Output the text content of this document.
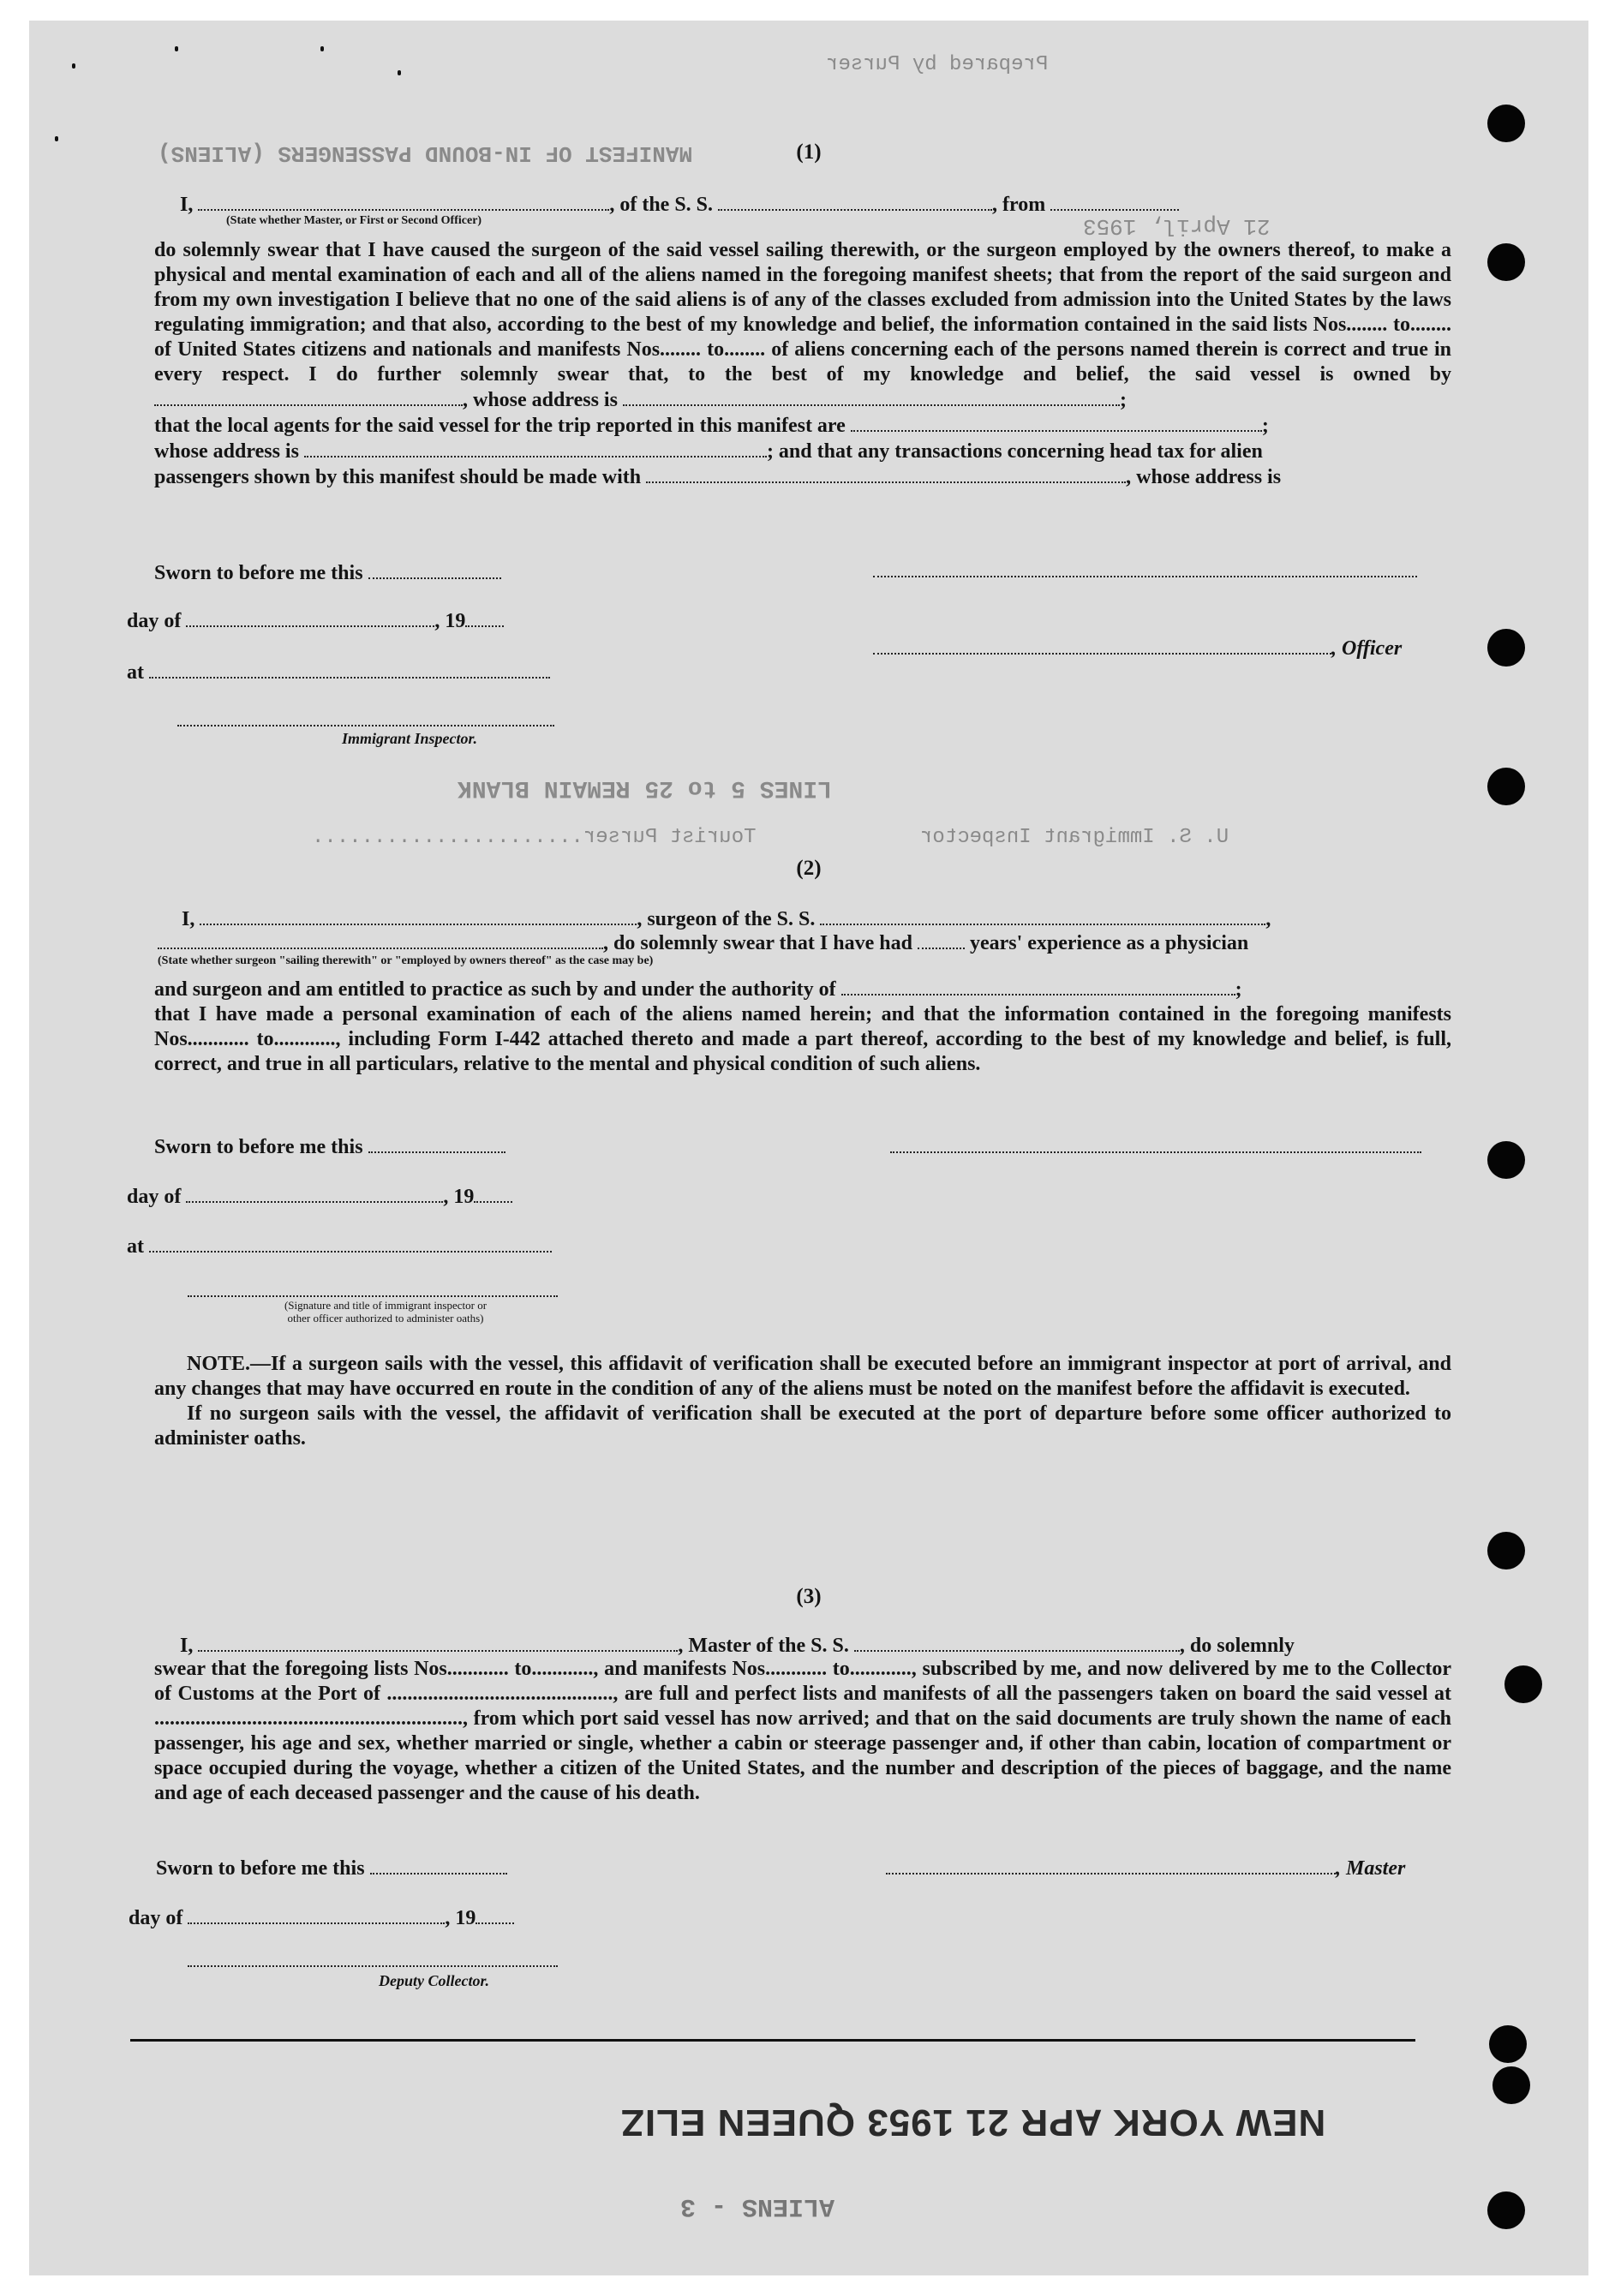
Prepared by Purser
MANIFEST OF IN-BOUND PASSENGERS (ALIENS)
21 April, 1953
LINES 5 to 25 REMAIN BLANK
Tourist Purser......................	U. S. Immigrant Inspector
(1)
I,	, of the S. S.	, from
(State whether Master, or First or Second Officer)
do solemnly swear that I have caused the surgeon of the said vessel sailing therewith, or the surgeon employed by the owners thereof, to make a physical and mental examination of each and all of the aliens named in the foregoing manifest sheets; that from the report of the said surgeon and from my own investigation I believe that no one of the said aliens is of any of the classes excluded from admission into the United States by the laws regulating immigration; and that also, according to the best of my knowledge and belief, the information contained in the said lists Nos........ to........ of United States citizens and nationals and manifests Nos........ to........ of aliens concerning each of the persons named therein is correct and true in every respect. I do further solemnly swear that, to the best of my knowledge and belief, the said vessel is owned by , whose address is	;
that the local agents for the said vessel for the trip reported in this manifest are	;
whose address is	; and that any transactions concerning head tax for alien
passengers shown by this manifest should be made with	, whose address is
Sworn to before me this
day of	, 19
, Officer
at
Immigrant Inspector.
(2)
I,	, surgeon of the S. S.	,
, do solemnly swear that I have had	years' experience as a physician
(State whether surgeon "sailing therewith" or "employed by owners thereof" as the case may be)
and surgeon and am entitled to practice as such by and under the authority of	;
that I have made a personal examination of each of the aliens named herein; and that the information contained in the foregoing manifests Nos............ to............, including Form I-442 attached thereto and made a part thereof, according to the best of my knowledge and belief, is full, correct, and true in all particulars, relative to the mental and physical condition of such aliens.
Sworn to before me this
day of	, 19
at
(Signature and title of immigrant inspector or
other officer authorized to administer oaths)
NOTE.—If a surgeon sails with the vessel, this affidavit of verification shall be executed before an immigrant inspector at port of arrival, and any changes that may have occurred en route in the condition of any of the aliens must be noted on the manifest before the affidavit is executed.
If no surgeon sails with the vessel, the affidavit of verification shall be executed at the port of departure before some officer authorized to administer oaths.
(3)
I,	, Master of the S. S.	, do solemnly
swear that the foregoing lists Nos............ to............, and manifests Nos............ to............, subscribed by me, and now delivered by me to the Collector of Customs at the Port of ............................................, are full and perfect lists and manifests of all the passengers taken on board the said vessel at ............................................................, from which port said vessel has now arrived; and that on the said documents are truly shown the name of each passenger, his age and sex, whether married or single, whether a cabin or steerage passenger and, if other than cabin, location of compartment or space occupied during the voyage, whether a citizen of the United States, and the number and description of the pieces of baggage, and the name and age of each deceased passenger and the cause of his death.
Sworn to before me this	, Master
day of	, 19
Deputy Collector.
NEW YORK APR 21 1953 QUEEN ELIZ
ALIENS - 3
